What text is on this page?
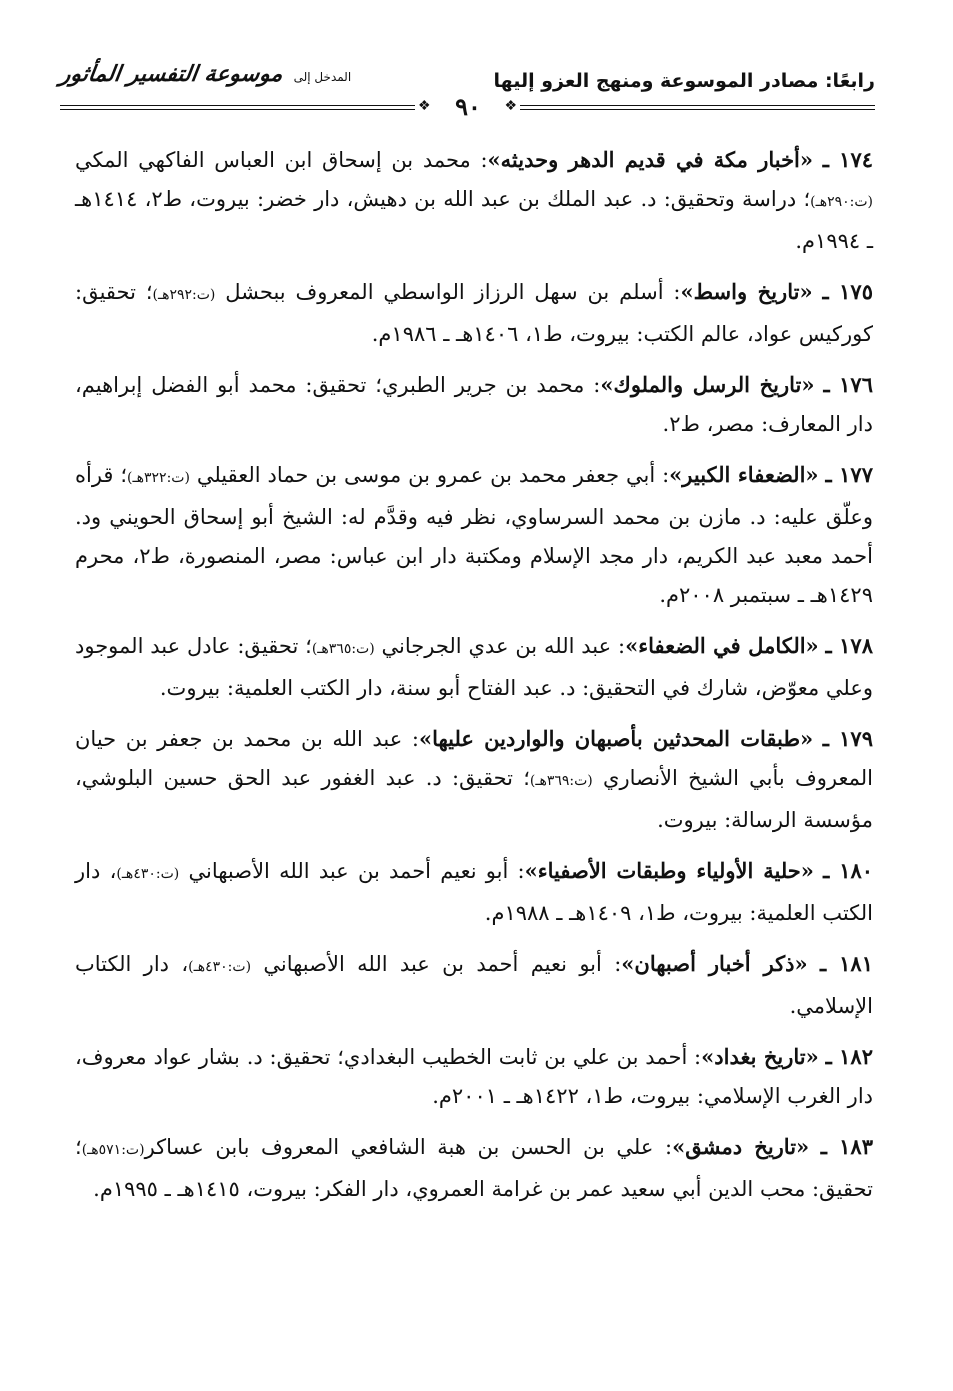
رابعًا: مصادر الموسوعة ومنهج العزو إليها
المدخل إلى موسوعة التفسير المأثور
❖	٩٠	❖
١٧٤ ـ «أخبار مكة في قديم الدهر وحديثه»: محمد بن إسحاق ابن العباس الفاكهي المكي (ت:٢٩٠هـ)؛ دراسة وتحقيق: د. عبد الملك بن عبد الله بن دهيش، دار خضر: بيروت، ط٢، ١٤١٤هـ ـ ١٩٩٤م.
١٧٥ ـ «تاريخ واسط»: أسلم بن سهل الرزاز الواسطي المعروف ببحشل (ت:٢٩٢هـ)؛ تحقيق: كوركيس عواد، عالم الكتب: بيروت، ط١، ١٤٠٦هـ ـ ١٩٨٦م.
١٧٦ ـ «تاريخ الرسل والملوك»: محمد بن جرير الطبري؛ تحقيق: محمد أبو الفضل إبراهيم، دار المعارف: مصر، ط٢.
١٧٧ ـ «الضعفاء الكبير»: أبي جعفر محمد بن عمرو بن موسى بن حماد العقيلي (ت:٣٢٢هـ)؛ قرأه وعلّق عليه: د. مازن بن محمد السرساوي، نظر فيه وقدَّم له: الشيخ أبو إسحاق الحويني ود. أحمد معبد عبد الكريم، دار مجد الإسلام ومكتبة دار ابن عباس: مصر، المنصورة، ط٢، محرم ١٤٢٩هـ ـ سبتمبر ٢٠٠٨م.
١٧٨ ـ «الكامل في الضعفاء»: عبد الله بن عدي الجرجاني (ت:٣٦٥هـ)؛ تحقيق: عادل عبد الموجود وعلي معوّض، شارك في التحقيق: د. عبد الفتاح أبو سنة، دار الكتب العلمية: بيروت.
١٧٩ ـ «طبقات المحدثين بأصبهان والواردين عليها»: عبد الله بن محمد بن جعفر بن حيان المعروف بأبي الشيخ الأنصاري (ت:٣٦٩هـ)؛ تحقيق: د. عبد الغفور عبد الحق حسين البلوشي، مؤسسة الرسالة: بيروت.
١٨٠ ـ «حلية الأولياء وطبقات الأصفياء»: أبو نعيم أحمد بن عبد الله الأصبهاني (ت:٤٣٠هـ)، دار الكتب العلمية: بيروت، ط١، ١٤٠٩هـ ـ ١٩٨٨م.
١٨١ ـ «ذكر أخبار أصبهان»: أبو نعيم أحمد بن عبد الله الأصبهاني (ت:٤٣٠هـ)، دار الكتاب الإسلامي.
١٨٢ ـ «تاريخ بغداد»: أحمد بن علي بن ثابت الخطيب البغدادي؛ تحقيق: د. بشار عواد معروف، دار الغرب الإسلامي: بيروت، ط١، ١٤٢٢هـ ـ ٢٠٠١م.
١٨٣ ـ «تاريخ دمشق»: علي بن الحسن بن هبة الشافعي المعروف بابن عساكر(ت:٥٧١هـ)؛ تحقيق: محب الدين أبي سعيد عمر بن غرامة العمروي، دار الفكر: بيروت، ١٤١٥هـ ـ ١٩٩٥م.
